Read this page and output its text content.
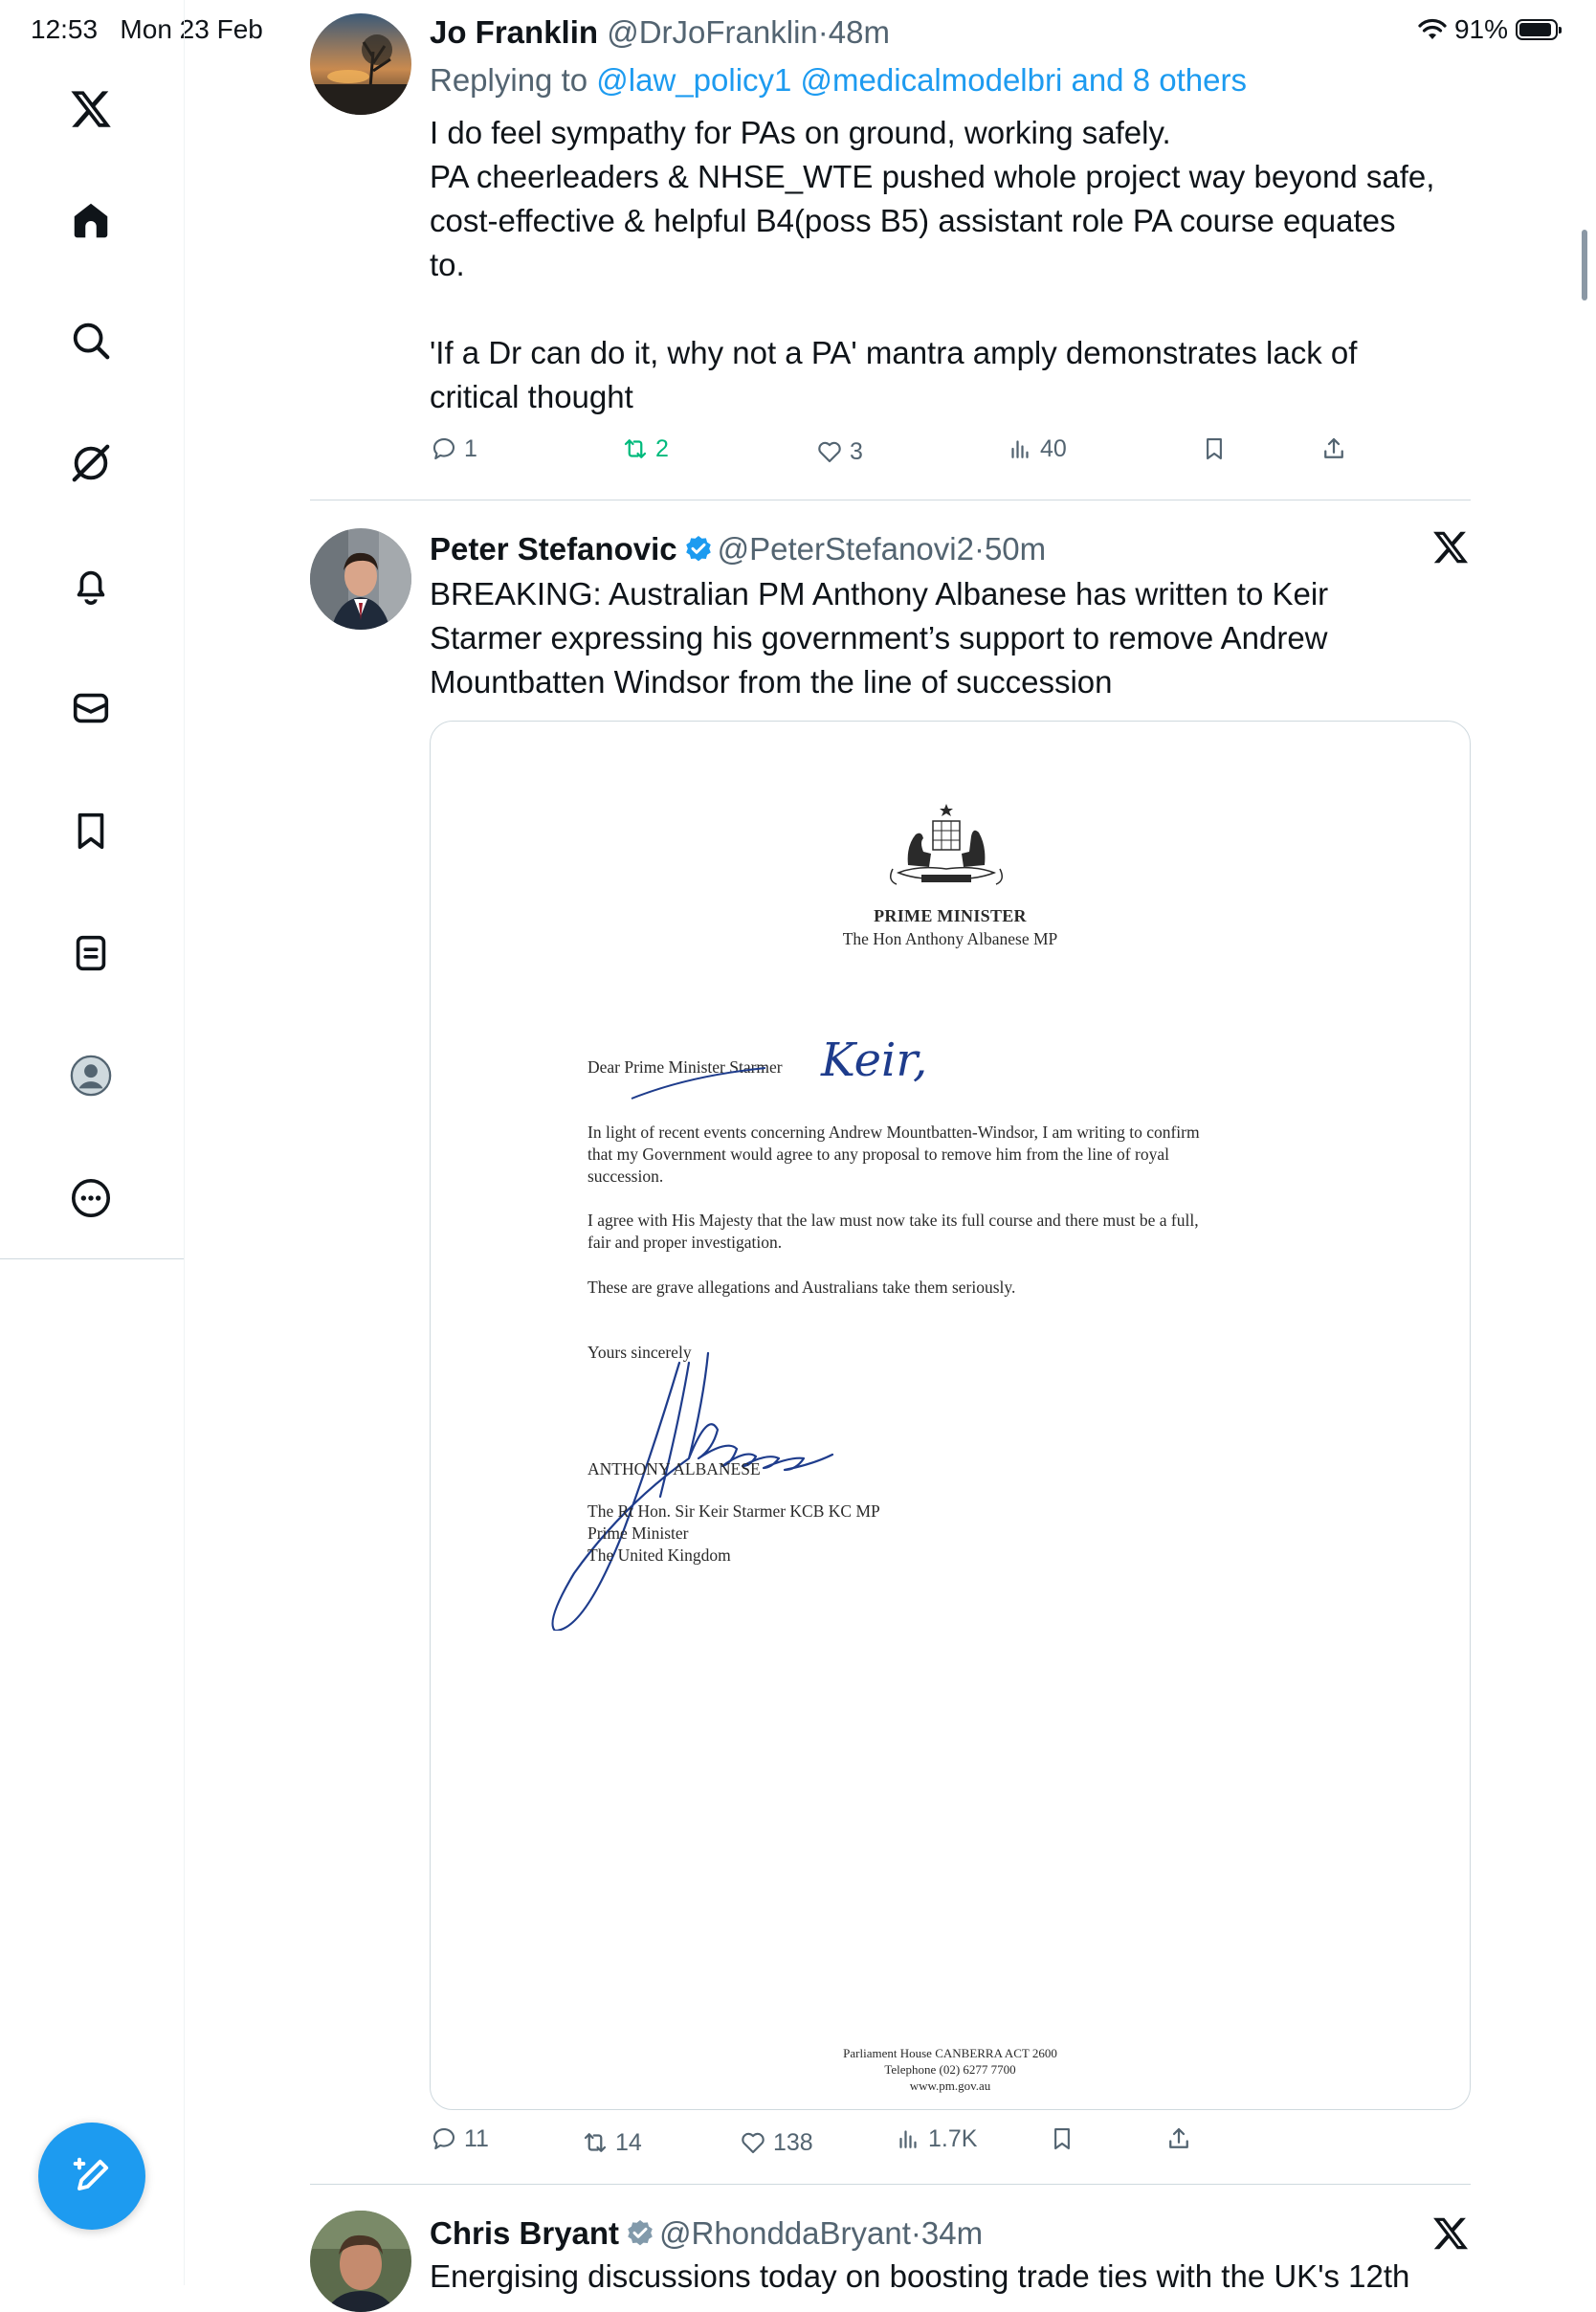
12:53 Mon 23 Feb	91%
Jo Franklin @DrJoFranklin·48m
Replying to @law_policy1 @medicalmodelbri and 8 others
I do feel sympathy for PAs on ground, working safely.
PA cheerleaders & NHSE_WTE pushed whole project way beyond safe,
cost-effective & helpful B4(poss B5) assistant role PA course equates
to.
'If a Dr can do it, why not a PA' mantra amply demonstrates lack of
critical thought
1	2	3	40
Peter Stefanovic @PeterStefanovi2·50m
BREAKING: Australian PM Anthony Albanese has written to Keir
Starmer expressing his government’s support to remove Andrew
Mountbatten Windsor from the line of succession
PRIME MINISTER
The Hon Anthony Albanese MP
Dear Prime Minister Starmer Keir,
In light of recent events concerning Andrew Mountbatten-Windsor, I am writing to confirm
that my Government would agree to any proposal to remove him from the line of royal
succession.
I agree with His Majesty that the law must now take its full course and there must be a full,
fair and proper investigation.
These are grave allegations and Australians take them seriously.
Yours sincerely
ANTHONY ALBANESE
The Rt Hon. Sir Keir Starmer KCB KC MP
Prime Minister
The United Kingdom
Parliament House CANBERRA ACT 2600
Telephone (02) 6277 7700
www.pm.gov.au
11	14	138	1.7K
Chris Bryant @RhonddaBryant·34m
Energising discussions today on boosting trade ties with the UK's 12th
